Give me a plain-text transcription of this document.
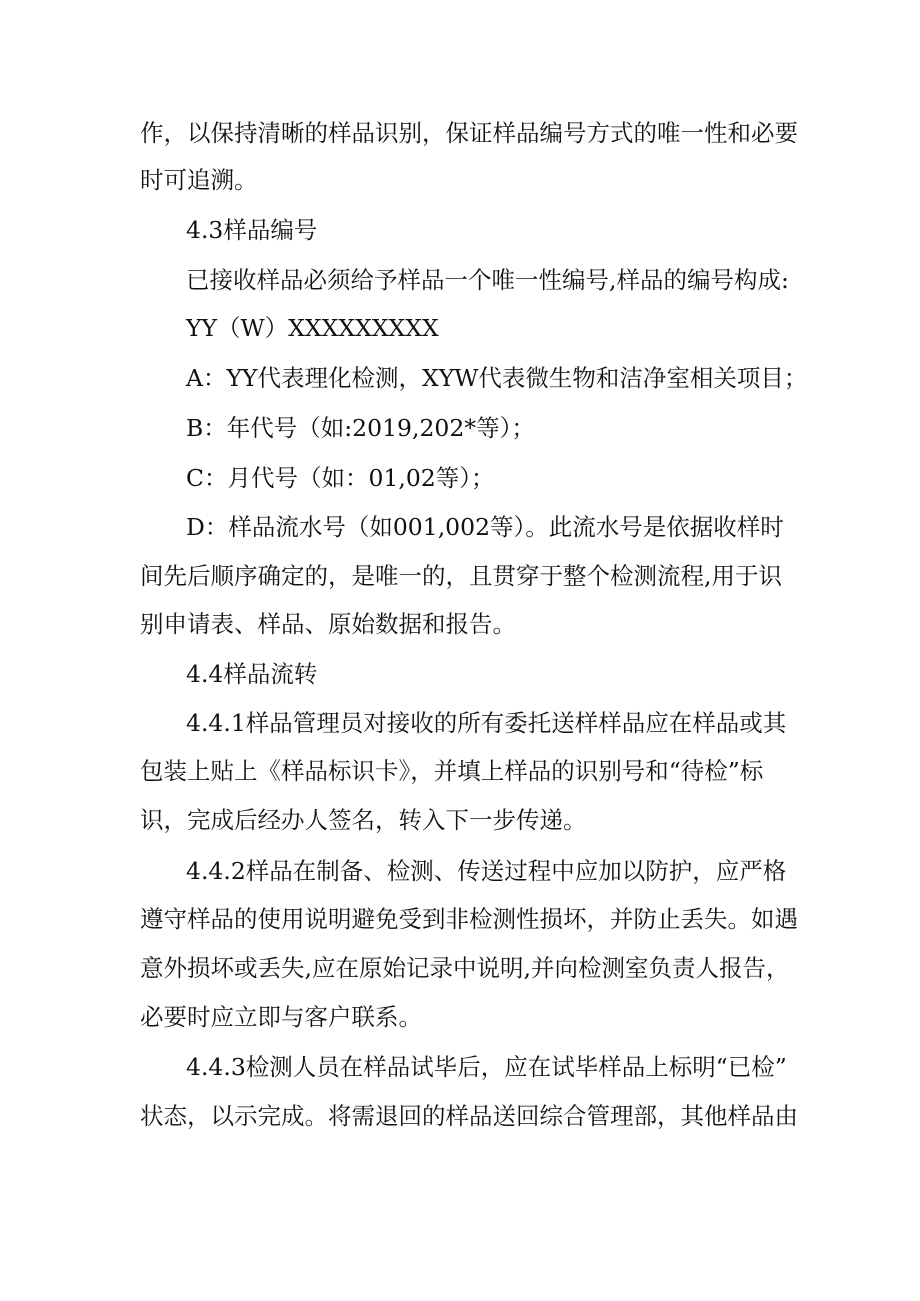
作，以保持清晰的样品识别，保证样品编号方式的唯一性和必要
时可追溯。
4.3样品编号
已接收样品必须给予样品一个唯一性编号,样品的编号构成:
YY（W）XXXXXXXXX
A：YY代表理化检测，XYW代表微生物和洁净室相关项目；
B：年代号（如:2019,202*等）；
C：月代号（如：01,02等）；
D：样品流水号（如001,002等）。此流水号是依据收样时
间先后顺序确定的，是唯一的，且贯穿于整个检测流程,用于识
别申请表、样品、原始数据和报告。
4.4样品流转
4.4.1样品管理员对接收的所有委托送样样品应在样品或其
包装上贴上《样品标识卡》，并填上样品的识别号和“待检”标
识，完成后经办人签名，转入下一步传递。
4.4.2样品在制备、检测、传送过程中应加以防护，应严格
遵守样品的使用说明避免受到非检测性损坏，并防止丢失。如遇
意外损坏或丢失,应在原始记录中说明,并向检测室负责人报告，
必要时应立即与客户联系。
4.4.3检测人员在样品试毕后，应在试毕样品上标明“已检”
状态，以示完成。将需退回的样品送回综合管理部，其他样品由
